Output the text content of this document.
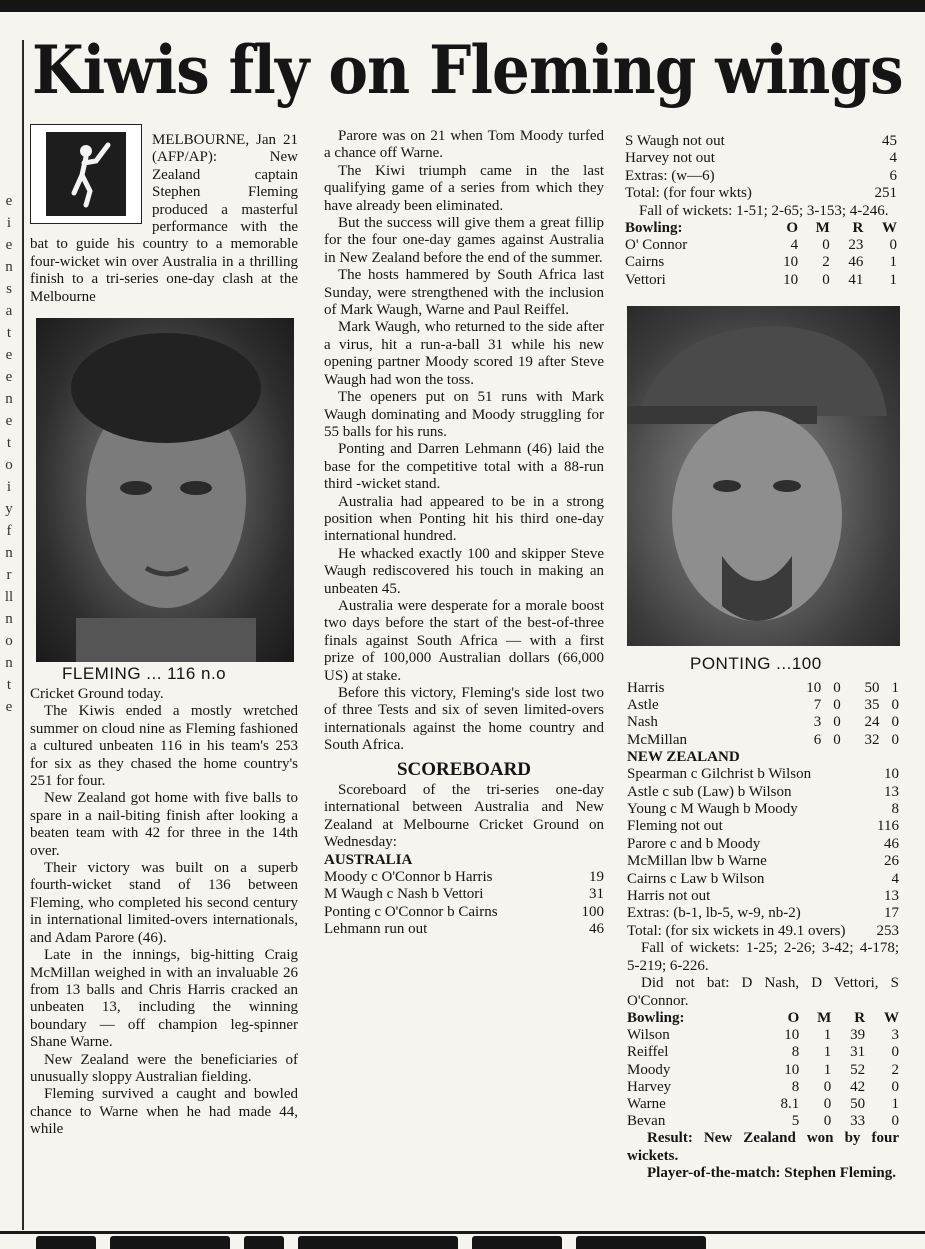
e
i
e
n
s
a
t
e
e
n
e
t
o
i
y
f
n
r
ll
n
o
n
t
e
Kiwis fly on Fleming wings

MELBOURNE, Jan 21 (AFP/AP): New Zealand captain Stephen Fleming produced a masterful performance with the bat to guide his country to a memorable four-wicket win over Australia in a thrilling finish to a tri-series one-day clash at the Melbourne

FLEMING ... 116 n.o

Cricket Ground today.

The Kiwis ended a mostly wretched summer on cloud nine as Fleming fashioned a cultured unbeaten 116 in his team's 253 for six as they chased the home country's 251 for four.

New Zealand got home with five balls to spare in a nail-biting finish after looking a beaten team with 42 for three in the 14th over.

Their victory was built on a superb fourth-wicket stand of 136 between Fleming, who completed his second century in international limited-overs internationals, and Adam Parore (46).

Late in the innings, big-hitting Craig McMillan weighed in with an invaluable 26 from 13 balls and Chris Harris cracked an unbeaten 13, including the winning boundary — off champion leg-spinner Shane Warne.

New Zealand were the beneficiaries of unusually sloppy Australian fielding.

Fleming survived a caught and bowled chance to Warne when he had made 44, while

Parore was on 21 when Tom Moody turfed a chance off Warne.

The Kiwi triumph came in the last qualifying game of a series from which they have already been eliminated.

But the success will give them a great fillip for the four one-day games against Australia in New Zealand before the end of the summer.

The hosts hammered by South Africa last Sunday, were strengthened with the inclusion of Mark Waugh, Warne and Paul Reiffel.

Mark Waugh, who returned to the side after a virus, hit a run-a-ball 31 while his new opening partner Moody scored 19 after Steve Waugh had won the toss.

The openers put on 51 runs with Mark Waugh dominating and Moody struggling for 55 balls for his runs.

Ponting and Darren Lehmann (46) laid the base for the competitive total with a 88-run third -wicket stand.

Australia had appeared to be in a strong position when Ponting hit his third one-day international hundred.

He whacked exactly 100 and skipper Steve Waugh rediscovered his touch in making an unbeaten 45.

Australia were desperate for a morale boost two days before the start of the best-of-three finals against South Africa — with a first prize of 100,000 Australian dollars (66,000 US) at stake.

Before this victory, Fleming's side lost two of three Tests and six of seven limited-overs internationals against the home country and South Africa.

SCOREBOARD

Scoreboard of the tri-series one-day international between Australia and New Zealand at Melbourne Cricket Ground on Wednesday:

AUSTRALIA
Moody c O'Connor b Harris	19
M Waugh c Nash b Vettori	31
Ponting c O'Connor b Cairns	100
Lehmann run out	46
S Waugh not out	45
Harvey not out	4
Extras: (w—6)	6
Total: (for four wkts)	251

Fall of wickets: 1-51; 2-65; 3-153; 4-246.

Bowling:	O	M	R	W
O' Connor	4	0	23	0
Cairns	10	2	46	1
Vettori	10	0	41	1
PONTING ...100
Harris	10	0	50	1
Astle	7	0	35	0
Nash	3	0	24	0
McMillan	6	0	32	0
NEW ZEALAND
Spearman c Gilchrist b Wilson	10
Astle c sub (Law) b Wilson	13
Young c M Waugh b Moody	8
Fleming not out	116
Parore c and b Moody	46
McMillan lbw b Warne	26
Cairns c Law b Wilson	4
Harris not out	13
Extras: (b-1, lb-5, w-9, nb-2)	17
Total: (for six wickets in 49.1 overs) 253

Fall of wickets: 1-25; 2-26; 3-42; 4-178; 5-219; 6-226.

Did not bat: D Nash, D Vettori, S O'Connor.

Bowling:	O	M	R	W
Wilson	10	1	39	3
Reiffel	8	1	31	0
Moody	10	1	52	2
Harvey	8	0	42	0
Warne	8.1	0	50	1
Bevan	5	0	33	0

Result: New Zealand won by four wickets.

Player-of-the-match: Stephen Fleming.
